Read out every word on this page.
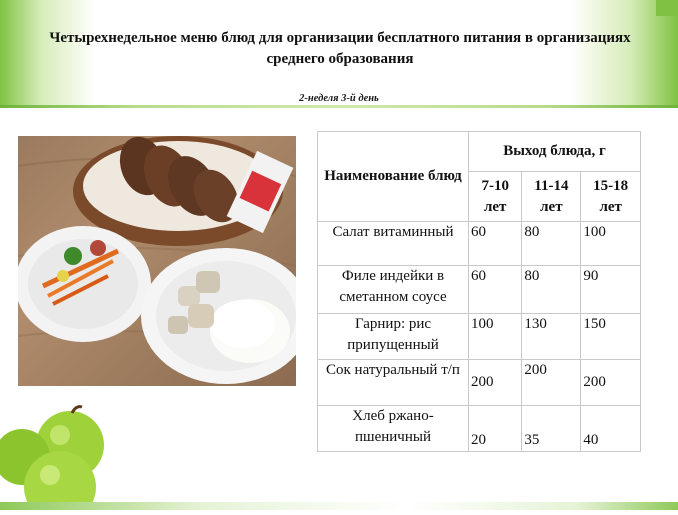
Четырехнедельное меню блюд для организации бесплатного питания в организациях среднего образования
2-неделя 3-й день
Наименование блюд	Выход блюда, г		
	7-10 лет	11-14 лет	15-18 лет
Салат витаминный	60	80	100
Филе индейки в сметанном соусе	60	80	90
Гарнир: рис припущенный	100	130	150
Сок натуральный т/п	200	200	200
Хлеб ржано-пшеничный	20	35	40
